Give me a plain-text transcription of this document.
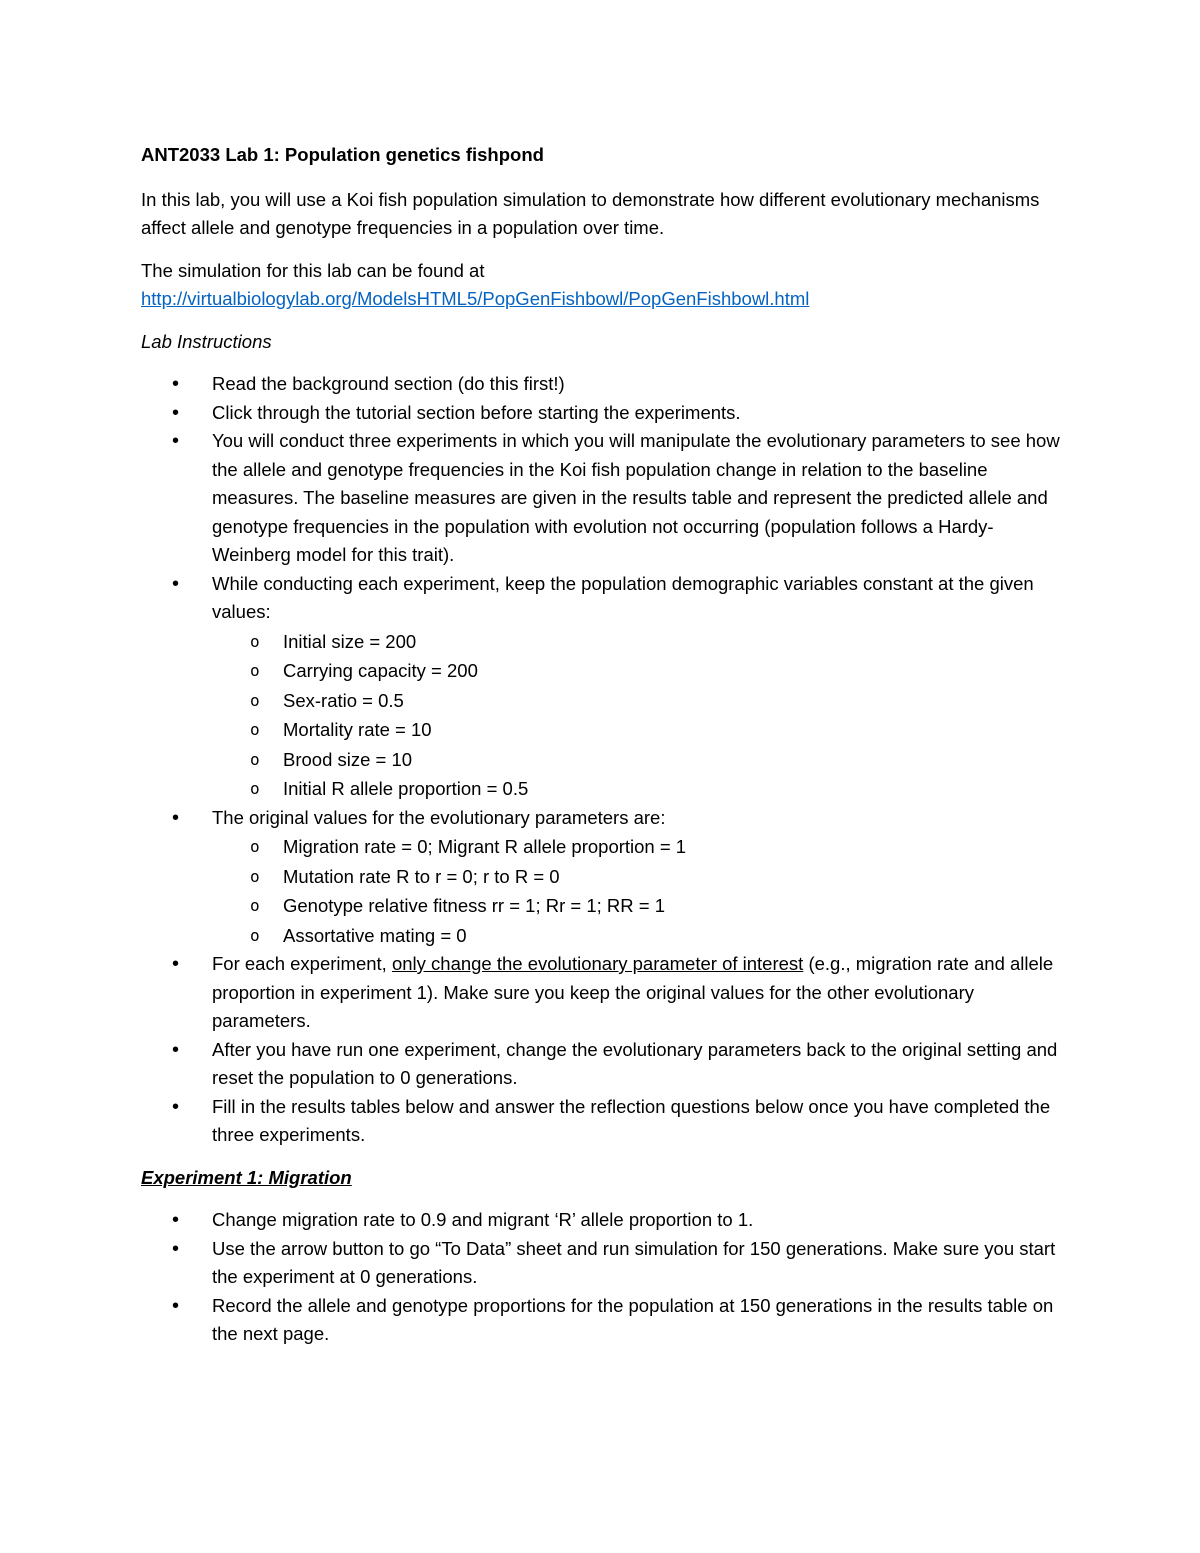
ANT2033 Lab 1: Population genetics fishpond

In this lab, you will use a Koi fish population simulation to demonstrate how different evolutionary mechanisms affect allele and genotype frequencies in a population over time.

The simulation for this lab can be found at
http://virtualbiologylab.org/ModelsHTML5/PopGenFishbowl/PopGenFishbowl.html

Lab Instructions
• Read the background section (do this first!)
• Click through the tutorial section before starting the experiments.
• You will conduct three experiments in which you will manipulate the evolutionary parameters to see how the allele and genotype frequencies in the Koi fish population change in relation to the baseline measures. The baseline measures are given in the results table and represent the predicted allele and genotype frequencies in the population with evolution not occurring (population follows a Hardy-Weinberg model for this trait).
• While conducting each experiment, keep the population demographic variables constant at the given values:
o Initial size = 200
o Carrying capacity = 200
o Sex-ratio = 0.5
o Mortality rate = 10
o Brood size = 10
o Initial R allele proportion = 0.5
• The original values for the evolutionary parameters are:
o Migration rate = 0; Migrant R allele proportion = 1
o Mutation rate R to r = 0; r to R = 0
o Genotype relative fitness rr = 1; Rr = 1; RR = 1
o Assortative mating = 0
• For each experiment, only change the evolutionary parameter of interest (e.g., migration rate and allele proportion in experiment 1). Make sure you keep the original values for the other evolutionary parameters.
• After you have run one experiment, change the evolutionary parameters back to the original setting and reset the population to 0 generations.
• Fill in the results tables below and answer the reflection questions below once you have completed the three experiments.
Experiment 1: Migration
• Change migration rate to 0.9 and migrant ‘R’ allele proportion to 1.
• Use the arrow button to go “To Data” sheet and run simulation for 150 generations. Make sure you start the experiment at 0 generations.
• Record the allele and genotype proportions for the population at 150 generations in the results table on the next page.
